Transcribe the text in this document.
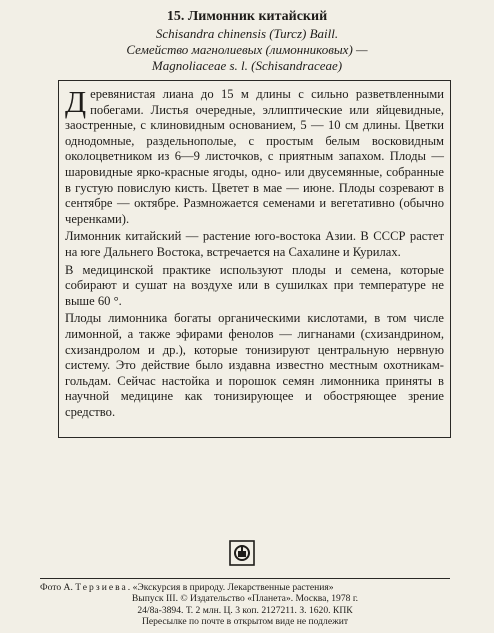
15. Лимонник китайский
Schisandra chinensis (Turcz) Baill.
Семейство магнолиевых (лимонниковых) —
Magnoliaceae s. l. (Schisandraceae)

Деревянистая лиана до 15 м длины с сильно разветвленными побегами. Листья очередные, эллиптические или яйцевидные, заостренные, с клиновидным основанием, 5 — 10 см длины. Цветки однодомные, раздельнополые, с простым белым восковидным околоцветником из 6—9 листочков, с приятным запахом. Плоды — шаровидные ярко-красные ягоды, одно- или двусемянные, собранные в густую повислую кисть. Цветет в мае — июне. Плоды созревают в сентябре — октябре. Размножается семенами и вегетативно (обычно черенками).

Лимонник китайский — растение юго-востока Азии. В СССР растет на юге Дальнего Востока, встречается на Сахалине и Курилах.

В медицинской практике используют плоды и семена, которые собирают и сушат на воздухе или в сушилках при температуре не выше 60 °.

Плоды лимонника богаты органическими кислотами, в том числе лимонной, а также эфирами фенолов — лигнанами (схизандрином, схизандролом и др.), которые тонизируют центральную нервную систему. Это действие было издавна известно местным охотникам-гольдам. Сейчас настойка и порошок семян лимонника приняты в научной медицине как тонизирующее и обостряющее зрение средство.

Фото А. Терзиева. «Экскурсия в природу. Лекарственные растения»
Выпуск III. © Издательство «Планета». Москва, 1978 г.
24/8а-3894. Т. 2 млн. Ц. 3 коп. 2127211. З. 1620. КПК
Пересылке по почте в открытом виде не подлежит
